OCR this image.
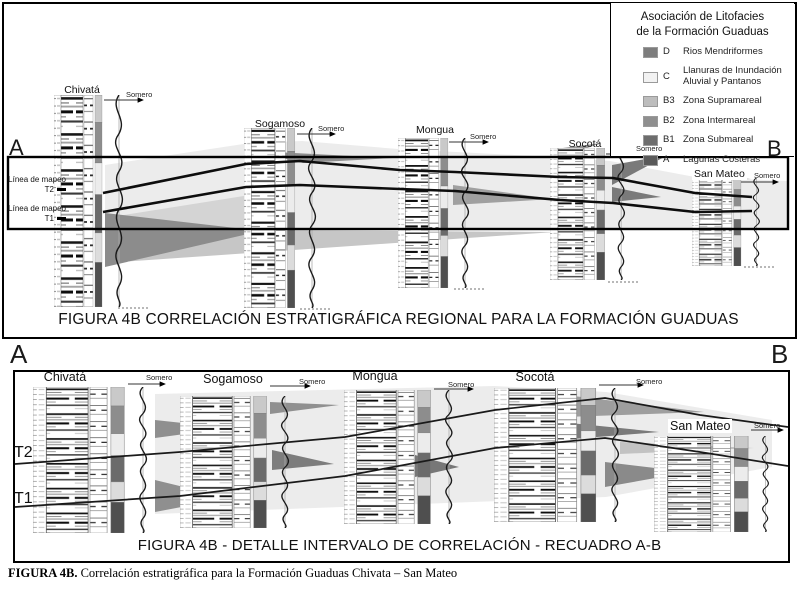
Asociación de Litofacies
de la Formación Guaduas
D	Rios Mendriformes
C	Llanuras de Inundación Aluvial y Pantanos
B3 Zona Supramareal
B2 Zona Intermareal
B1 Zona Submareal
A	Lagunas Costeras
Chivatá
Sogamoso	Mongua
Socotá
San Mateo
Somero
Somero
Somero
Somero
Somero
A	B
Línea de mapeo
T2
Línea de mapeo
T1
FIGURA 4B CORRELACIÓN ESTRATIGRÁFICA REGIONAL PARA LA FORMACIÓN GUADUAS
A	B
Chivatá	Sogamoso	Mongua	Socotá
San Mateo
Somero	Somero	Somero	Somero
Somero
T2
T1
FIGURA 4B - DETALLE INTERVALO DE CORRELACIÓN - RECUADRO A-B
FIGURA 4B. Correlación estratigráfica para la Formación Guaduas Chivata – San Mateo
